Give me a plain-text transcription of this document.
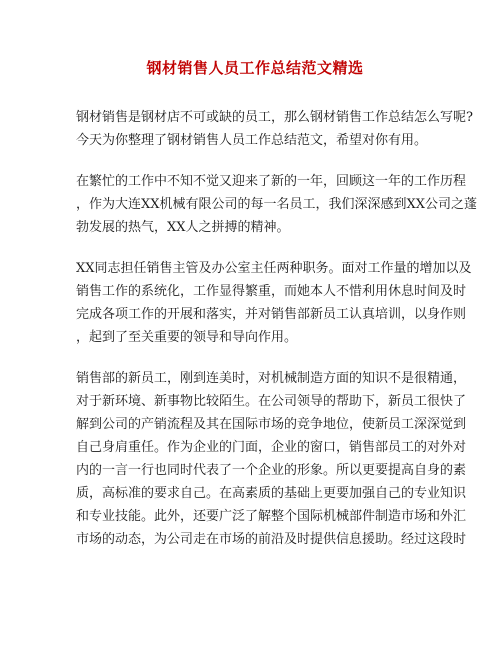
钢材销售人员工作总结范文精选
钢材销售是钢材店不可或缺的员工，那么钢材销售工作总结怎么写呢?
今天为你整理了钢材销售人员工作总结范文，希望对你有用。
在繁忙的工作中不知不觉又迎来了新的一年，回顾这一年的工作历程
，作为大连XX机械有限公司的每一名员工，我们深深感到XX公司之蓬
勃发展的热气，XX人之拼搏的精神。
XX同志担任销售主管及办公室主任两种职务。面对工作量的增加以及
销售工作的系统化，工作显得繁重，而她本人不惜利用休息时间及时
完成各项工作的开展和落实，并对销售部新员工认真培训，以身作则
，起到了至关重要的领导和导向作用。
销售部的新员工，刚到连美时，对机械制造方面的知识不是很精通，
对于新环境、新事物比较陌生。在公司领导的帮助下，新员工很快了
解到公司的产销流程及其在国际市场的竞争地位，使新员工深深觉到
自己身肩重任。作为企业的门面，企业的窗口，销售部员工的对外对
内的一言一行也同时代表了一个企业的形象。所以更要提高自身的素
质，高标准的要求自己。在高素质的基础上更要加强自己的专业知识
和专业技能。此外，还要广泛了解整个国际机械部件制造市场和外汇
市场的动态，为公司走在市场的前沿及时提供信息援助。经过这段时
